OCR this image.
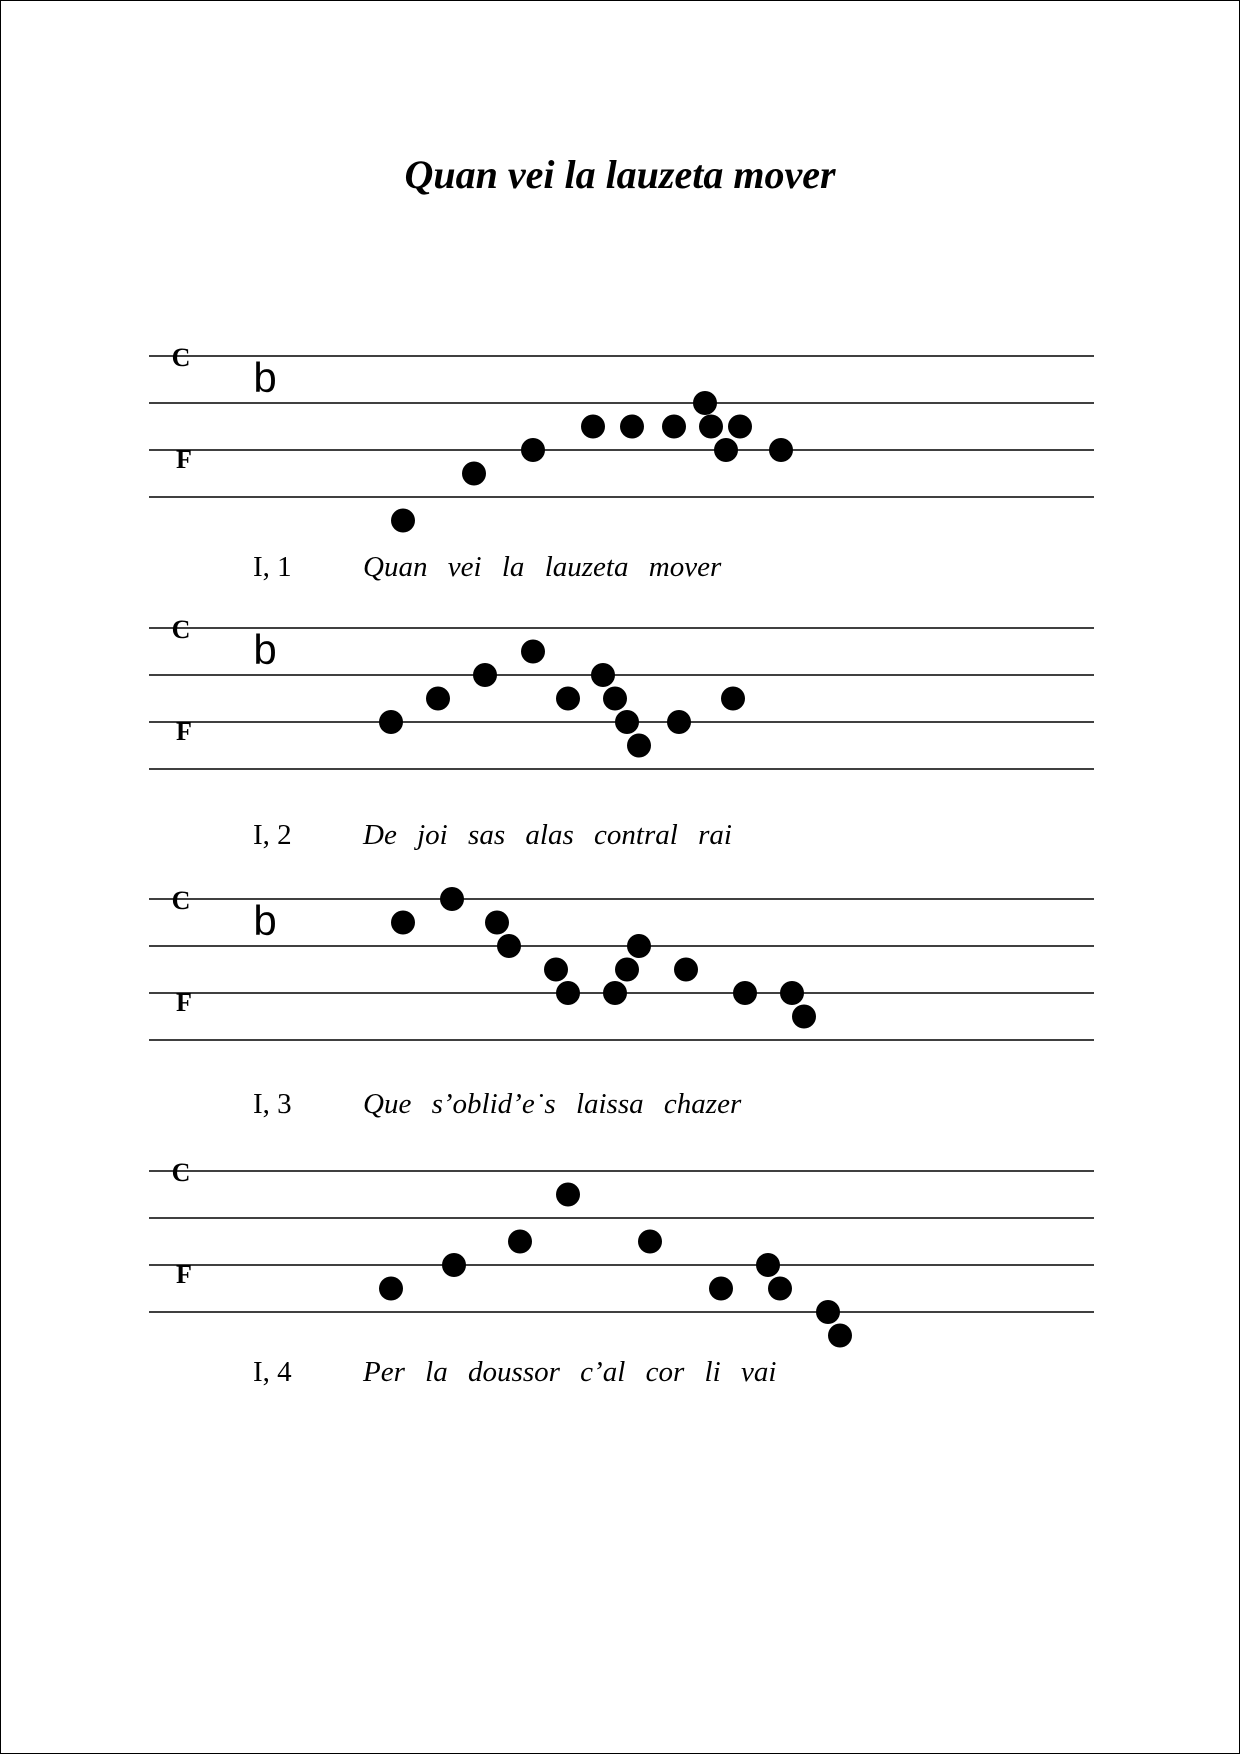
Quan vei la lauzeta mover
C
F
b
C
F
b
C
F
b
C
F
I, 1 Quan vei la lauzeta mover
I, 2 De joi sas alas contral rai
I, 3 Que s’oblid’e˙s laissa chazer
I, 4 Per la doussor c’al cor li vai
